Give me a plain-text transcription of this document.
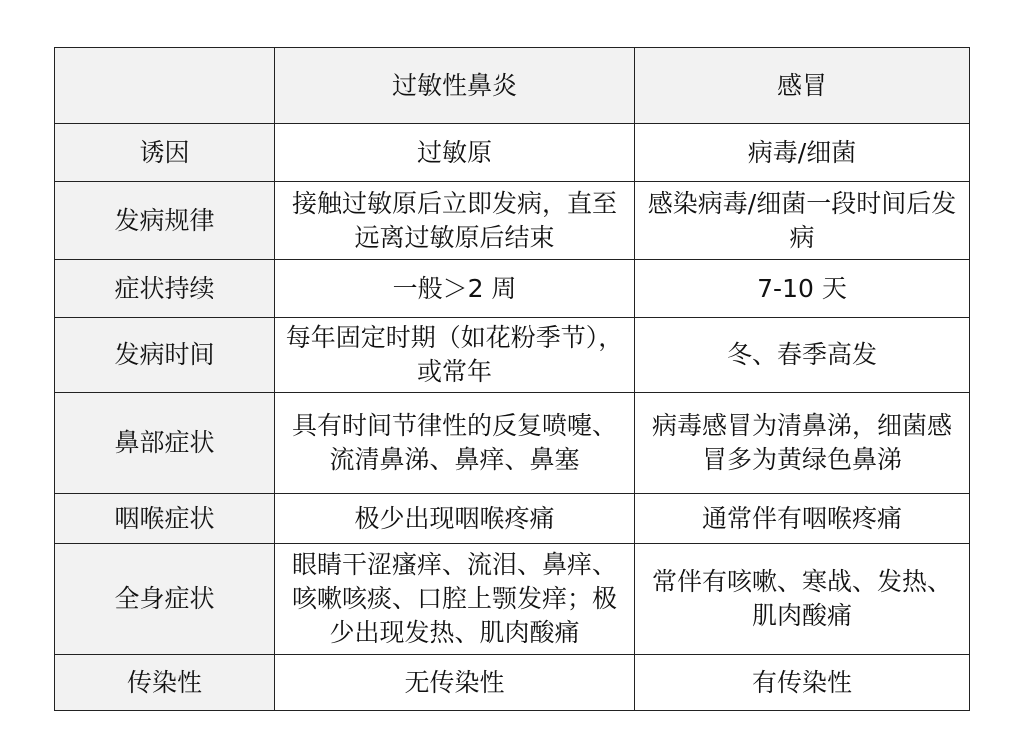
	过敏性鼻炎	感冒
诱因	过敏原	病毒/细菌
发病规律	接触过敏原后立即发病，直至远离过敏原后结束	感染病毒/细菌一段时间后发病
症状持续	一般＞2 周	7-10 天
发病时间	每年固定时期（如花粉季节），或常年	冬、春季高发
鼻部症状	具有时间节律性的反复喷嚏、流清鼻涕、鼻痒、鼻塞	病毒感冒为清鼻涕，细菌感冒多为黄绿色鼻涕
咽喉症状	极少出现咽喉疼痛	通常伴有咽喉疼痛
全身症状	眼睛干涩瘙痒、流泪、鼻痒、咳嗽咳痰、口腔上颚发痒；极少出现发热、肌肉酸痛	常伴有咳嗽、寒战、发热、肌肉酸痛
传染性	无传染性	有传染性
